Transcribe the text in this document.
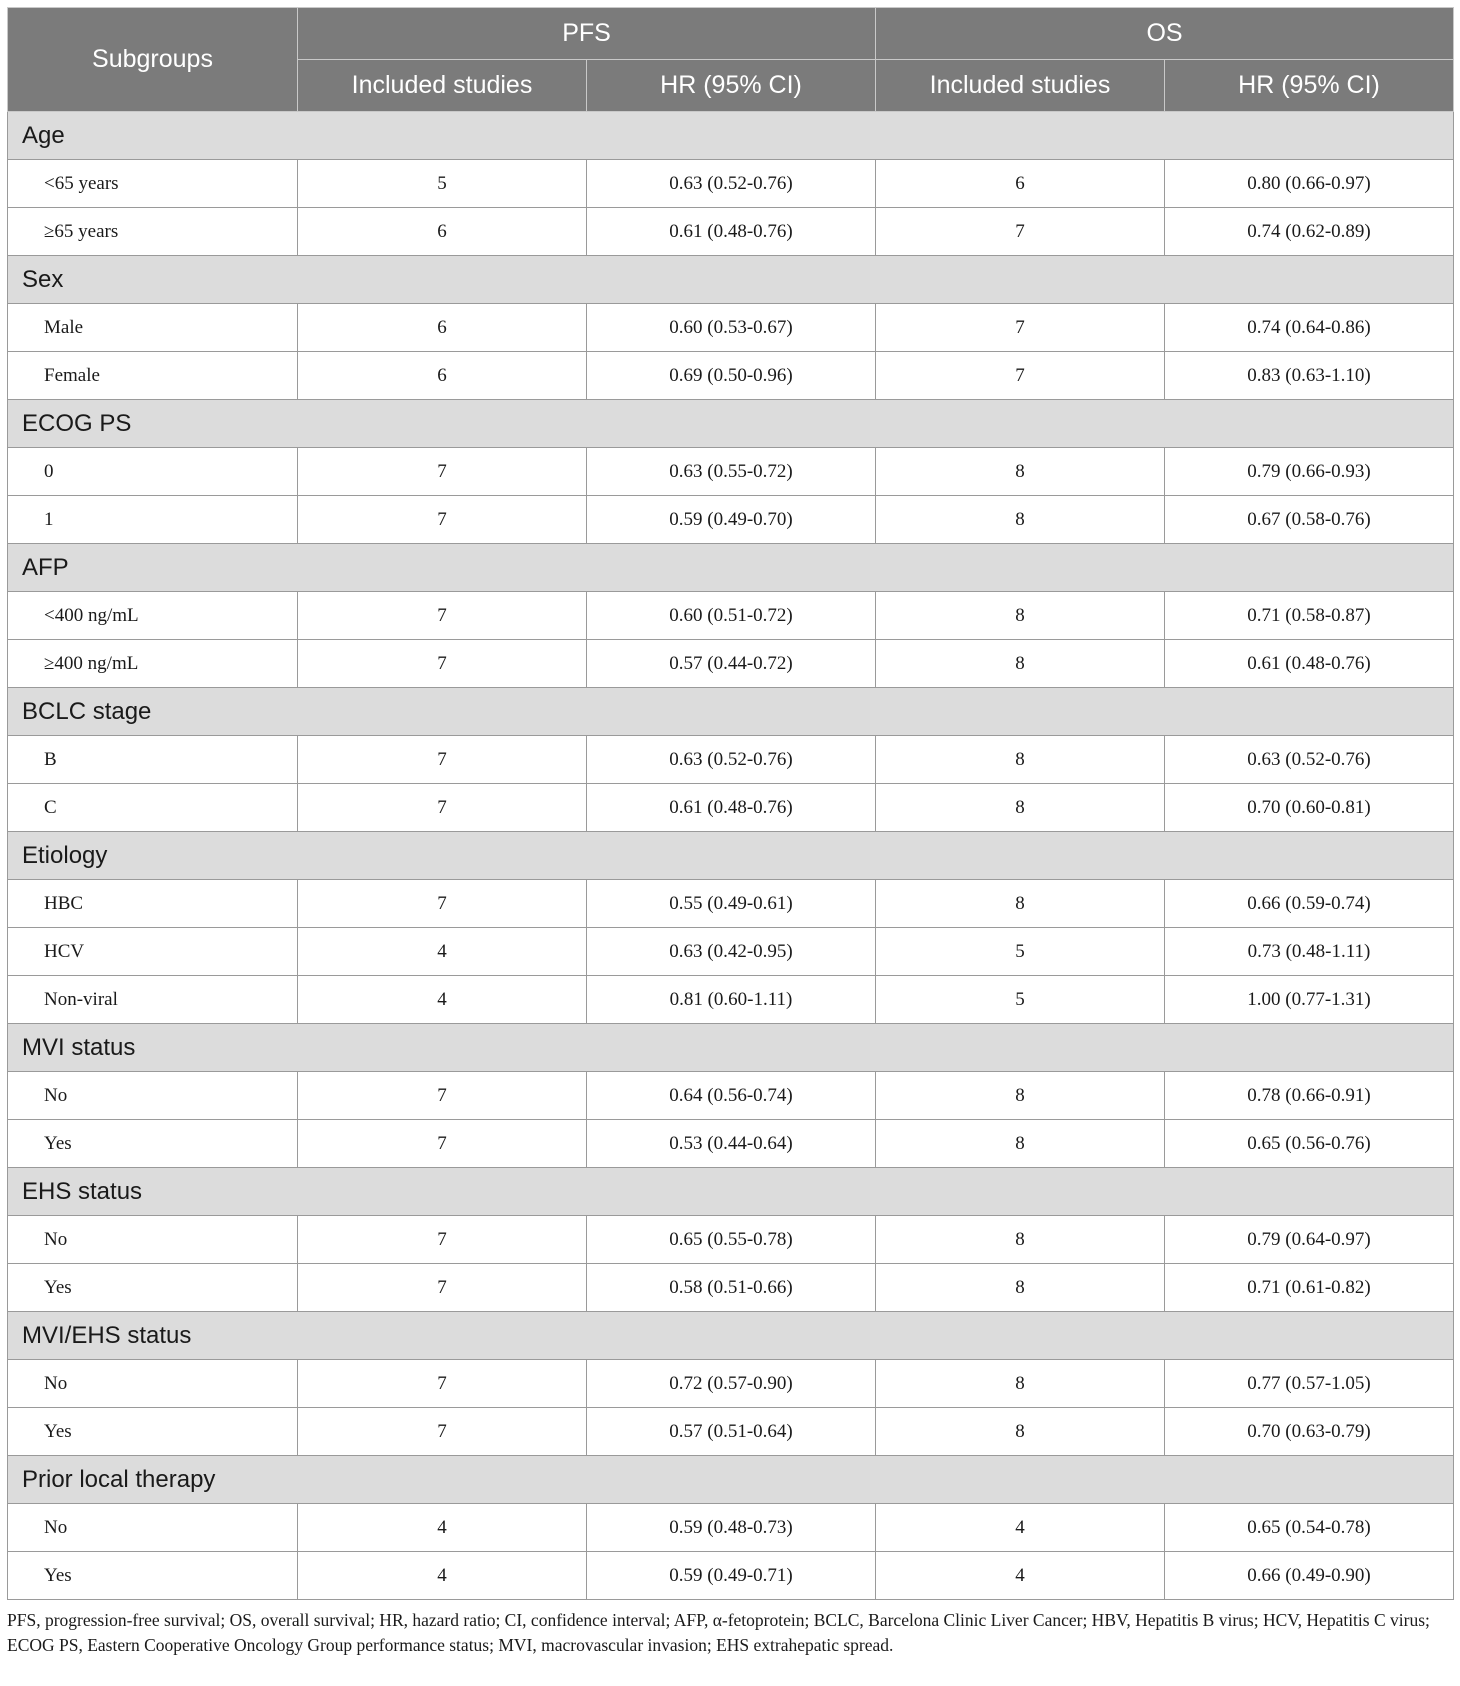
Subgroups	PFS		OS	
	Included studies	HR (95% CI)	Included studies	HR (95% CI)
Age				
<65 years	5	0.63 (0.52-0.76)	6	0.80 (0.66-0.97)
≥65 years	6	0.61 (0.48-0.76)	7	0.74 (0.62-0.89)
Sex				
Male	6	0.60 (0.53-0.67)	7	0.74 (0.64-0.86)
Female	6	0.69 (0.50-0.96)	7	0.83 (0.63-1.10)
ECOG PS				
0	7	0.63 (0.55-0.72)	8	0.79 (0.66-0.93)
1	7	0.59 (0.49-0.70)	8	0.67 (0.58-0.76)
AFP				
<400 ng/mL	7	0.60 (0.51-0.72)	8	0.71 (0.58-0.87)
≥400 ng/mL	7	0.57 (0.44-0.72)	8	0.61 (0.48-0.76)
BCLC stage				
B	7	0.63 (0.52-0.76)	8	0.63 (0.52-0.76)
C	7	0.61 (0.48-0.76)	8	0.70 (0.60-0.81)
Etiology				
HBC	7	0.55 (0.49-0.61)	8	0.66 (0.59-0.74)
HCV	4	0.63 (0.42-0.95)	5	0.73 (0.48-1.11)
Non-viral	4	0.81 (0.60-1.11)	5	1.00 (0.77-1.31)
MVI status				
No	7	0.64 (0.56-0.74)	8	0.78 (0.66-0.91)
Yes	7	0.53 (0.44-0.64)	8	0.65 (0.56-0.76)
EHS status				
No	7	0.65 (0.55-0.78)	8	0.79 (0.64-0.97)
Yes	7	0.58 (0.51-0.66)	8	0.71 (0.61-0.82)
MVI/EHS status				
No	7	0.72 (0.57-0.90)	8	0.77 (0.57-1.05)
Yes	7	0.57 (0.51-0.64)	8	0.70 (0.63-0.79)
Prior local therapy				
No	4	0.59 (0.48-0.73)	4	0.65 (0.54-0.78)
Yes	4	0.59 (0.49-0.71)	4	0.66 (0.49-0.90)
PFS, progression-free survival; OS, overall survival; HR, hazard ratio; CI, confidence interval; AFP, α-fetoprotein; BCLC, Barcelona Clinic Liver Cancer; HBV, Hepatitis B virus; HCV, Hepatitis C virus; ECOG PS, Eastern Cooperative Oncology Group performance status; MVI, macrovascular invasion; EHS extrahepatic spread.
